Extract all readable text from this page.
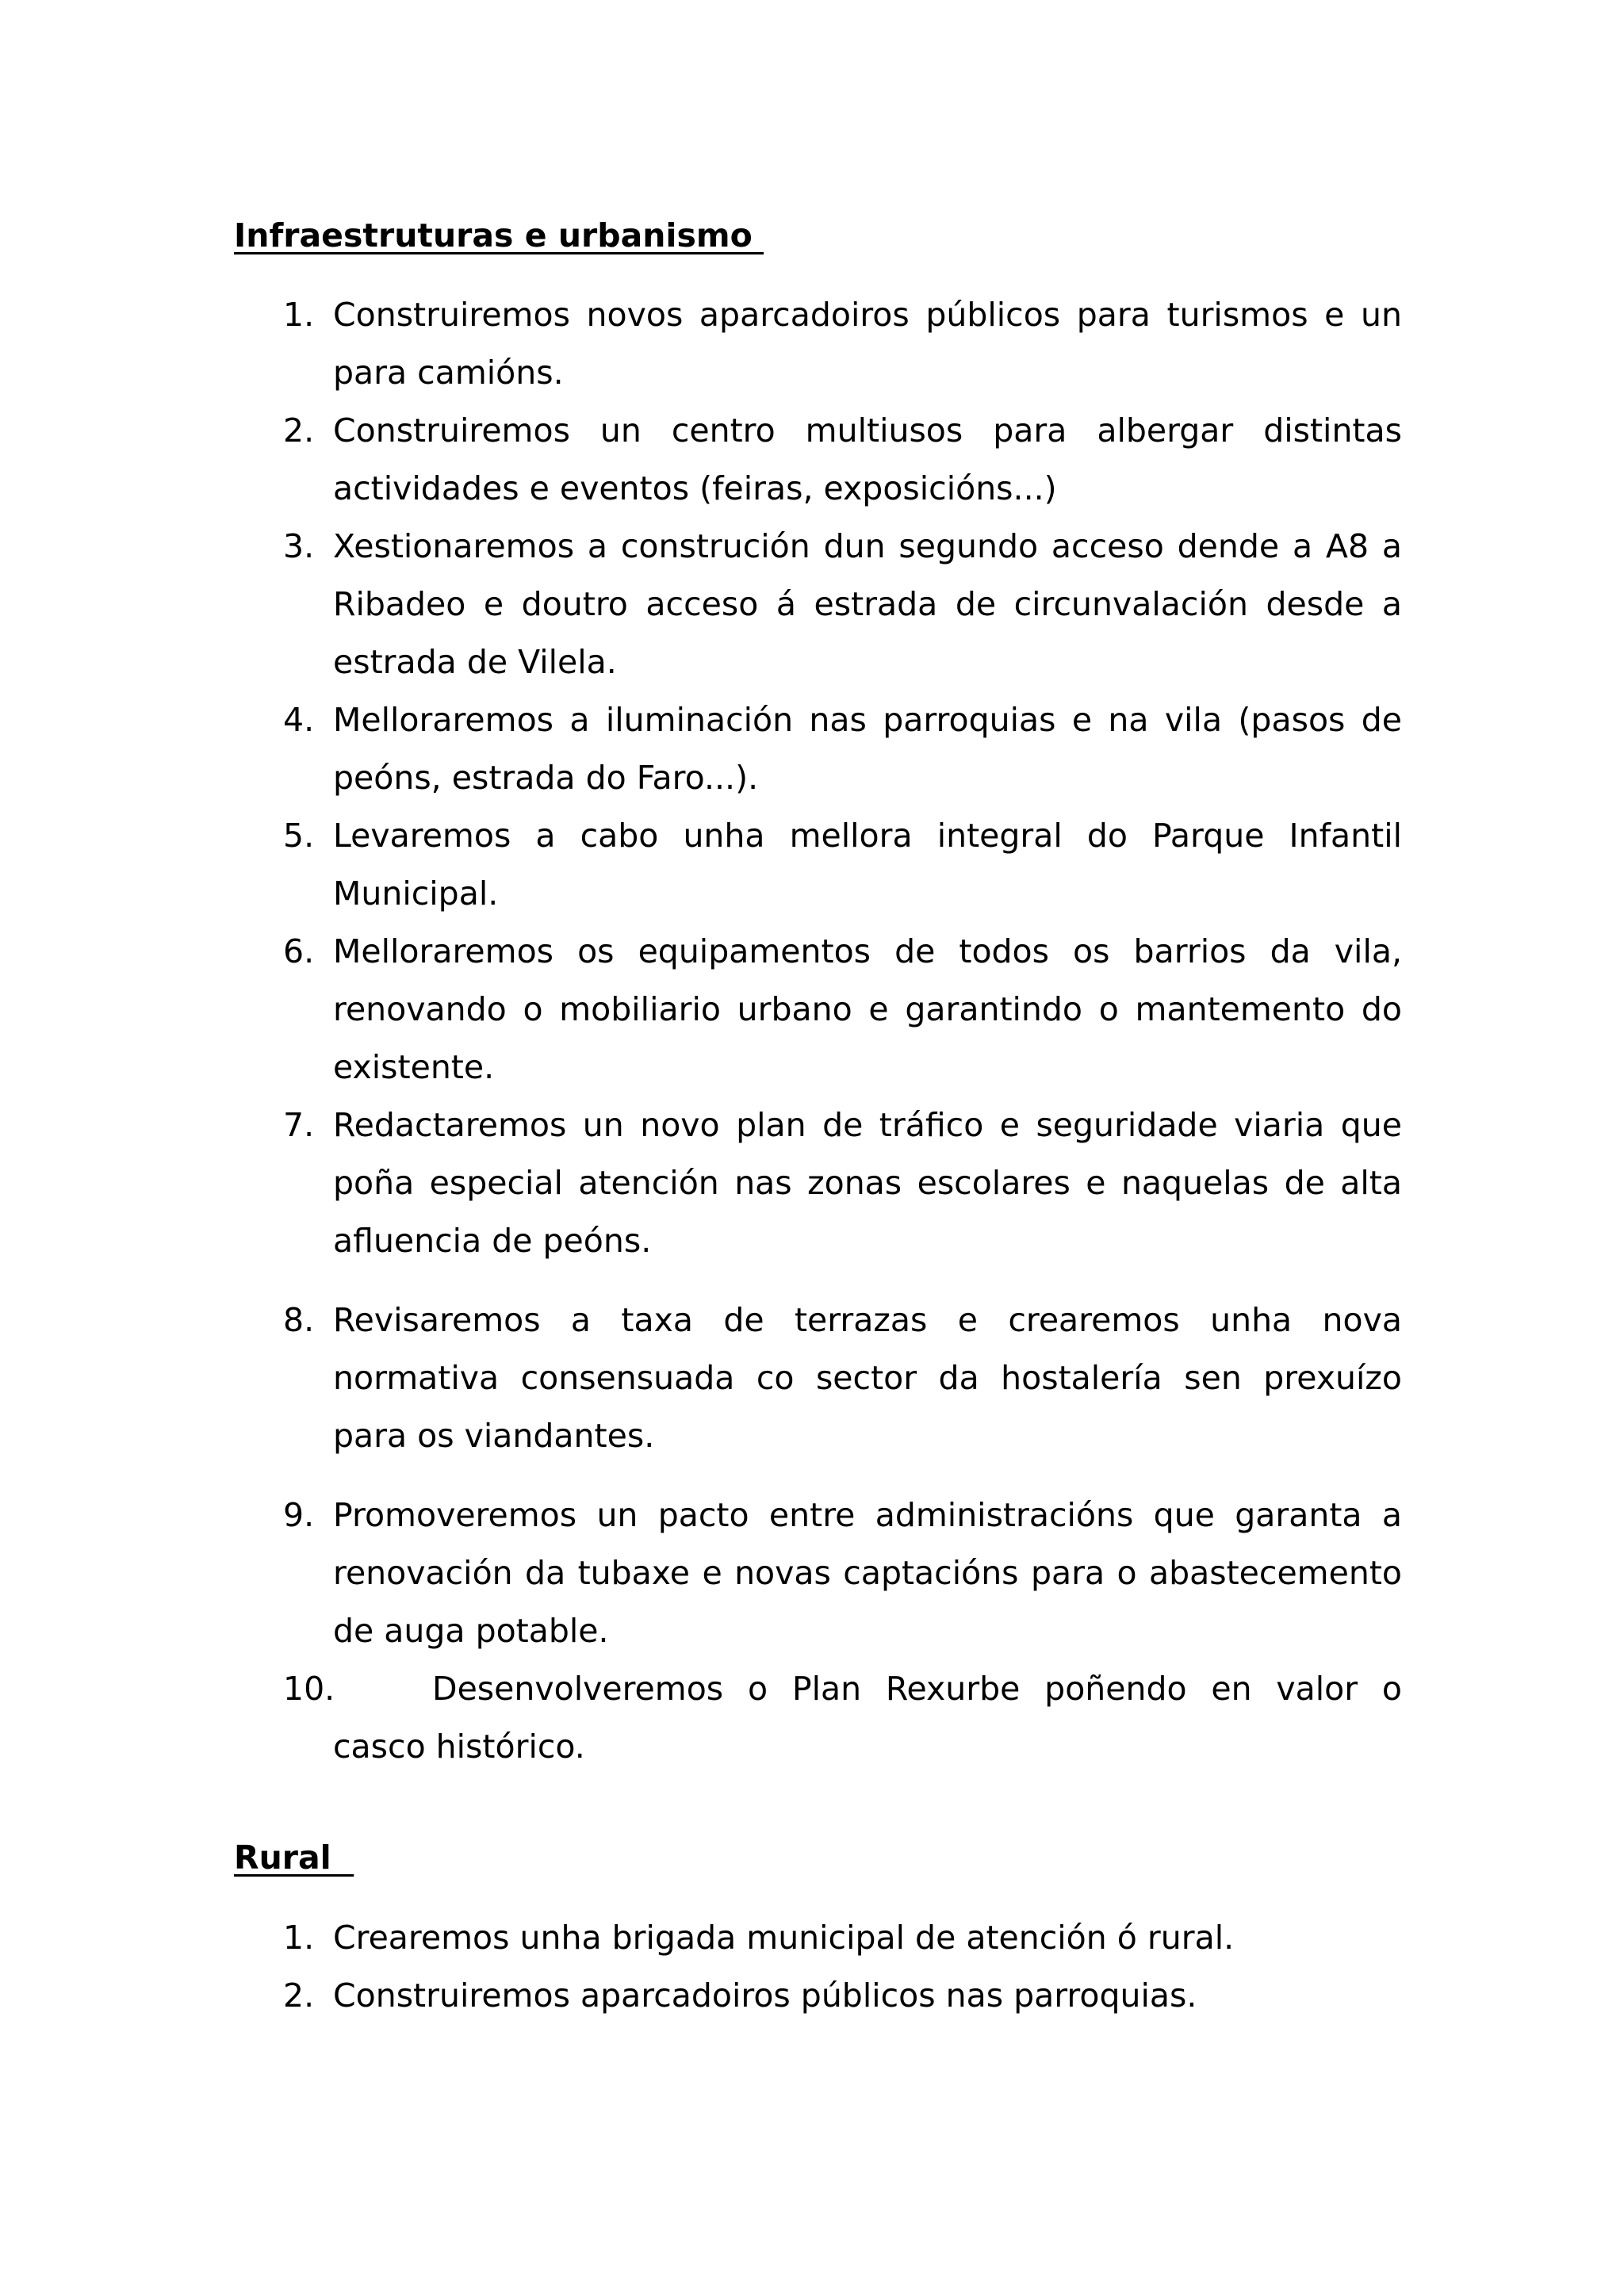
Infraestruturas e urbanismo
1. Construiremos novos aparcadoiros públicos para turismos e un para camións.
2. Construiremos un centro multiusos para albergar distintas actividades e eventos (feiras, exposicións...)
3. Xestionaremos a construción dun segundo acceso dende a A8 a Ribadeo e doutro acceso á estrada de circunvalación desde a estrada de Vilela.
4. Melloraremos a iluminación nas parroquias e na vila (pasos de peóns, estrada do Faro...).
5. Levaremos a cabo unha mellora integral do Parque Infantil Municipal.
6. Melloraremos os equipamentos de todos os barrios da vila, renovando o mobiliario urbano e garantindo o mantemento do existente.
7. Redactaremos un novo plan de tráfico e seguridade viaria que poña especial atención nas zonas escolares e naquelas de alta afluencia de peóns.
8. Revisaremos a taxa de terrazas e crearemos unha nova normativa consensuada co sector da hostalería sen prexuízo para os viandantes.
9. Promoveremos un pacto entre administracións que garanta a renovación da tubaxe e novas captacións para o abastecemento de auga potable.
10.	Desenvolveremos o Plan Rexurbe poñendo en valor o casco histórico.
Rural
1. Crearemos unha brigada municipal de atención ó rural.
2. Construiremos aparcadoiros públicos nas parroquias.
